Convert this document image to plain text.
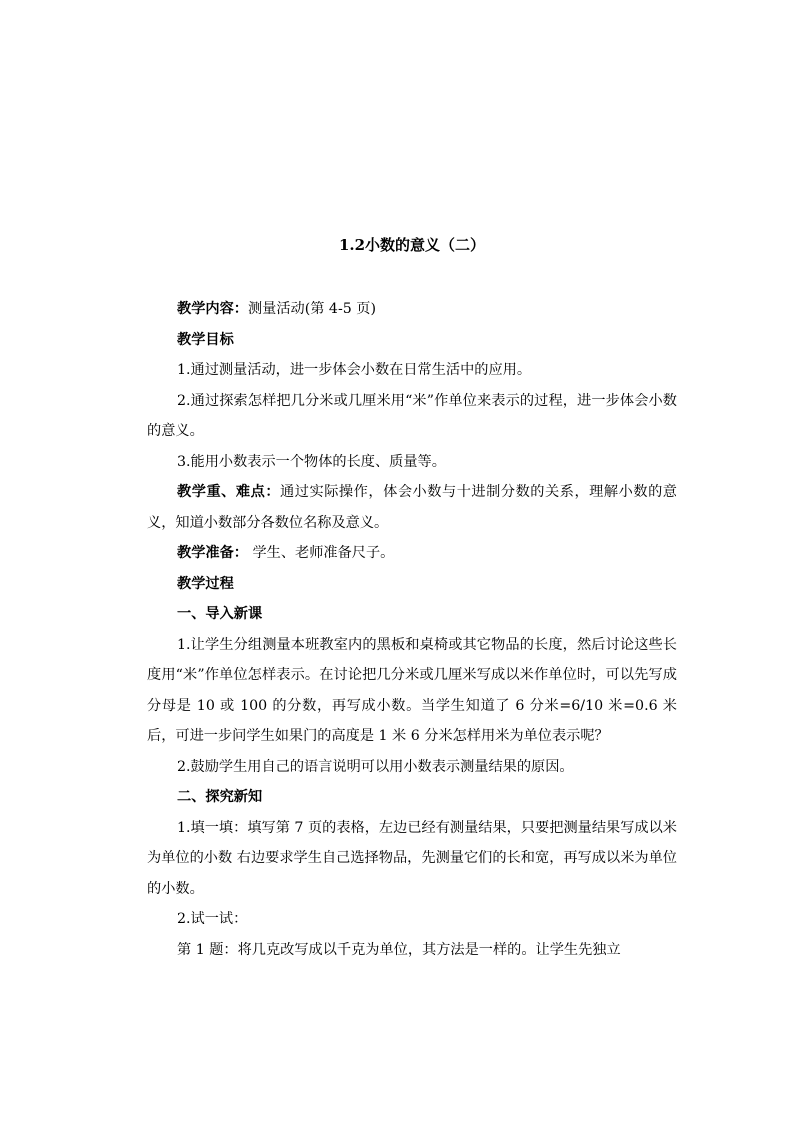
1.2小数的意义（二）

教学内容：测量活动(第 4-5 页)

教学目标

1.通过测量活动，进一步体会小数在日常生活中的应用。

2.通过探索怎样把几分米或几厘米用“米”作单位来表示的过程，进一步体会小数的意义。

3.能用小数表示一个物体的长度、质量等。

教学重、难点：通过实际操作，体会小数与十进制分数的关系，理解小数的意义，知道小数部分各数位名称及意义。

教学准备： 学生、老师准备尺子。

教学过程

一、导入新课

1.让学生分组测量本班教室内的黑板和桌椅或其它物品的长度，然后讨论这些长度用“米”作单位怎样表示。在讨论把几分米或几厘米写成以米作单位时，可以先写成分母是 10 或 100 的分数，再写成小数。当学生知道了 6 分米=6/10 米=0.6 米后，可进一步问学生如果门的高度是 1 米 6 分米怎样用米为单位表示呢？

2.鼓励学生用自己的语言说明可以用小数表示测量结果的原因。

二、探究新知

1.填一填：填写第 7 页的表格，左边已经有测量结果，只要把测量结果写成以米为单位的小数 右边要求学生自己选择物品，先测量它们的长和宽，再写成以米为单位的小数。

2.试一试：

第 1 题：将几克改写成以千克为单位，其方法是一样的。让学生先独立
